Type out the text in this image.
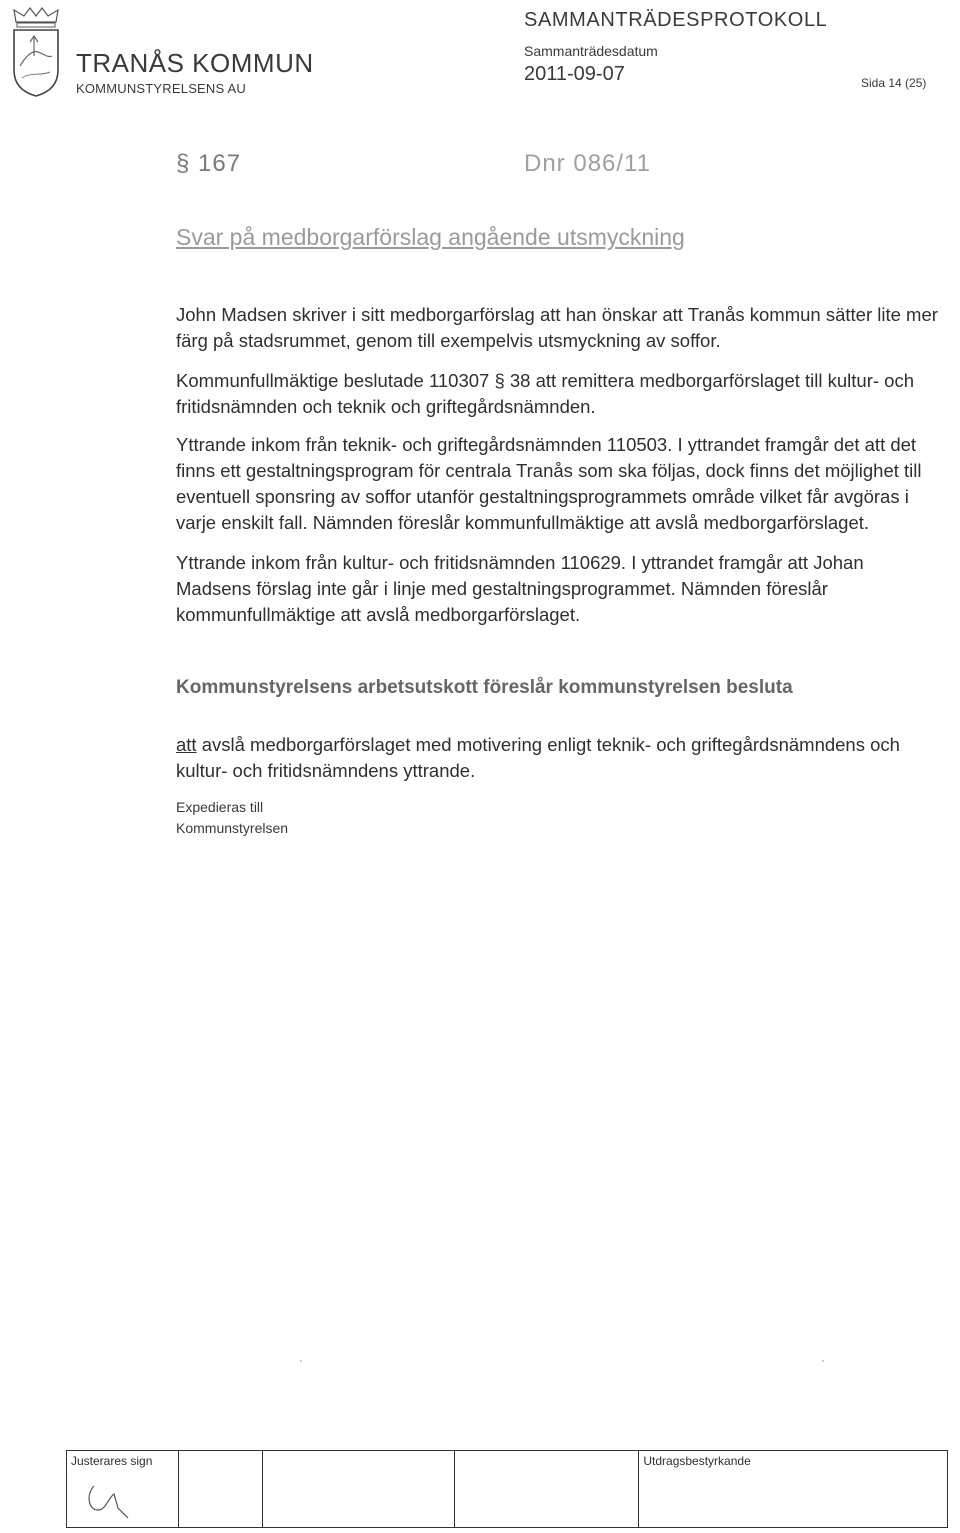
TRANÅS KOMMUN
KOMMUNSTYRELSENS AU
SAMMANTRÄDESPROTOKOLL
Sammanträdesdatum
2011-09-07	Sida 14 (25)
§ 167	Dnr 086/11
Svar på medborgarförslag angående utsmyckning

John Madsen skriver i sitt medborgarförslag att han önskar att Tranås kommun sätter lite mer färg på stadsrummet, genom till exempelvis utsmyckning av soffor.

Kommunfullmäktige beslutade 110307 § 38 att remittera medborgarförslaget till kultur- och fritidsnämnden och teknik och griftegårdsnämnden.

Yttrande inkom från teknik- och griftegårdsnämnden 110503. I yttrandet framgår det att det finns ett gestaltningsprogram för centrala Tranås som ska följas, dock finns det möjlighet till eventuell sponsring av soffor utanför gestaltningsprogrammets område vilket får avgöras i varje enskilt fall. Nämnden föreslår kommunfullmäktige att avslå medborgarförslaget.

Yttrande inkom från kultur- och fritidsnämnden 110629. I yttrandet framgår att Johan Madsens förslag inte går i linje med gestaltningsprogrammet. Nämnden föreslår kommunfullmäktige att avslå medborgarförslaget.

Kommunstyrelsens arbetsutskott föreslår kommunstyrelsen besluta

att avslå medborgarförslaget med motivering enligt teknik- och griftegårdsnämndens och kultur- och fritidsnämndens yttrande.

Expedieras till
Kommunstyrelsen
Justerares sign				Utdragsbestyrkande
